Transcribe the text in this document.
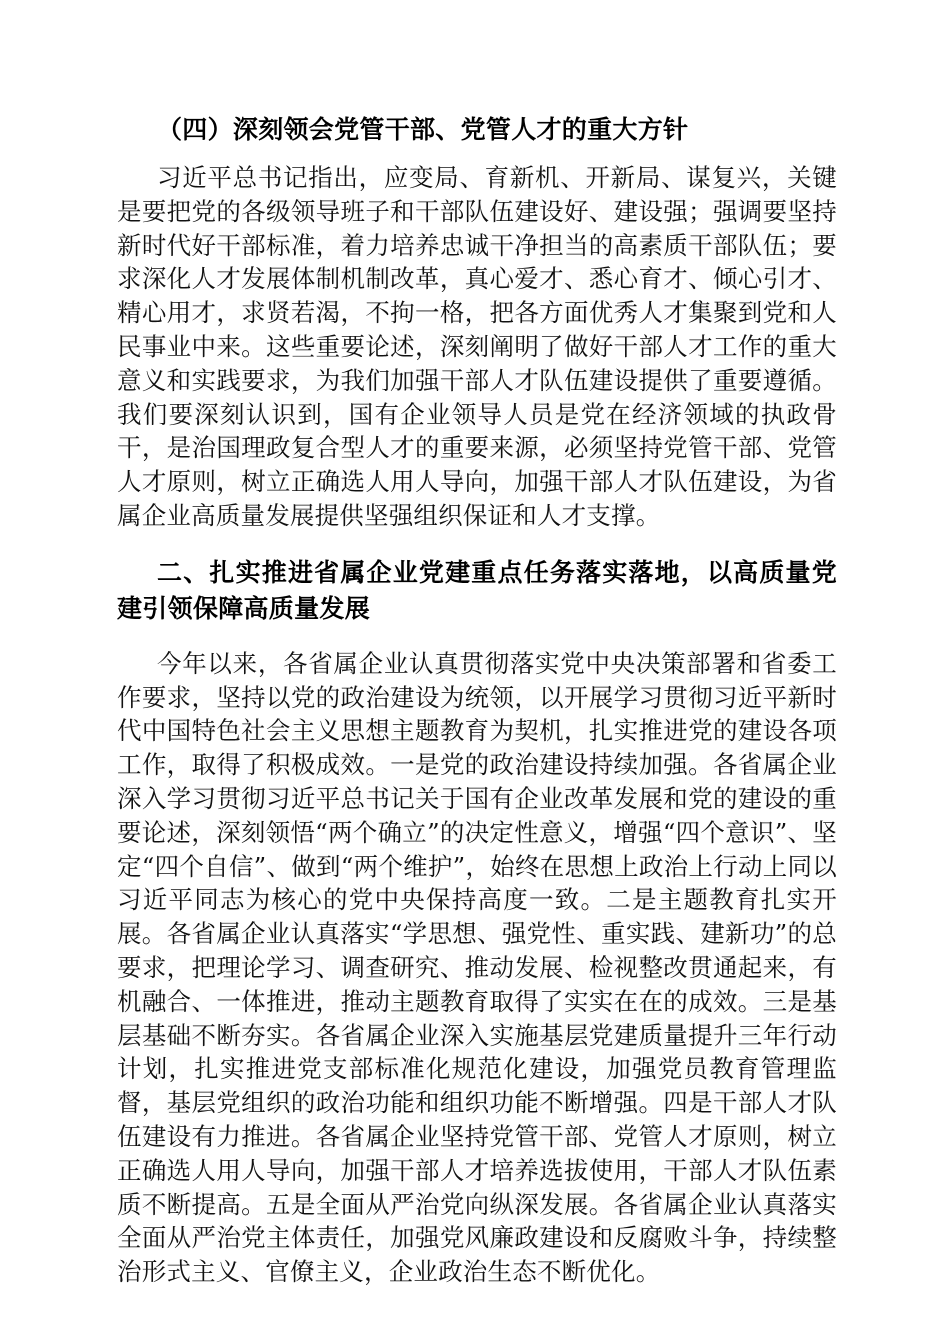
（四）深刻领会党管干部、党管人才的重大方针

习近平总书记指出，应变局、育新机、开新局、谋复兴，关键是要把党的各级领导班子和干部队伍建设好、建设强；强调要坚持新时代好干部标准，着力培养忠诚干净担当的高素质干部队伍；要求深化人才发展体制机制改革，真心爱才、悉心育才、倾心引才、精心用才，求贤若渴，不拘一格，把各方面优秀人才集聚到党和人民事业中来。这些重要论述，深刻阐明了做好干部人才工作的重大意义和实践要求，为我们加强干部人才队伍建设提供了重要遵循。我们要深刻认识到，国有企业领导人员是党在经济领域的执政骨干，是治国理政复合型人才的重要来源，必须坚持党管干部、党管人才原则，树立正确选人用人导向，加强干部人才队伍建设，为省属企业高质量发展提供坚强组织保证和人才支撑。

二、扎实推进省属企业党建重点任务落实落地，以高质量党建引领保障高质量发展

今年以来，各省属企业认真贯彻落实党中央决策部署和省委工作要求，坚持以党的政治建设为统领，以开展学习贯彻习近平新时代中国特色社会主义思想主题教育为契机，扎实推进党的建设各项工作，取得了积极成效。一是党的政治建设持续加强。各省属企业深入学习贯彻习近平总书记关于国有企业改革发展和党的建设的重要论述，深刻领悟“两个确立”的决定性意义，增强“四个意识”、坚定“四个自信”、做到“两个维护”，始终在思想上政治上行动上同以习近平同志为核心的党中央保持高度一致。二是主题教育扎实开展。各省属企业认真落实“学思想、强党性、重实践、建新功”的总要求，把理论学习、调查研究、推动发展、检视整改贯通起来，有机融合、一体推进，推动主题教育取得了实实在在的成效。三是基层基础不断夯实。各省属企业深入实施基层党建质量提升三年行动计划，扎实推进党支部标准化规范化建设，加强党员教育管理监督，基层党组织的政治功能和组织功能不断增强。四是干部人才队伍建设有力推进。各省属企业坚持党管干部、党管人才原则，树立正确选人用人导向，加强干部人才培养选拔使用，干部人才队伍素质不断提高。五是全面从严治党向纵深发展。各省属企业认真落实全面从严治党主体责任，加强党风廉政建设和反腐败斗争，持续整治形式主义、官僚主义，企业政治生态不断优化。
